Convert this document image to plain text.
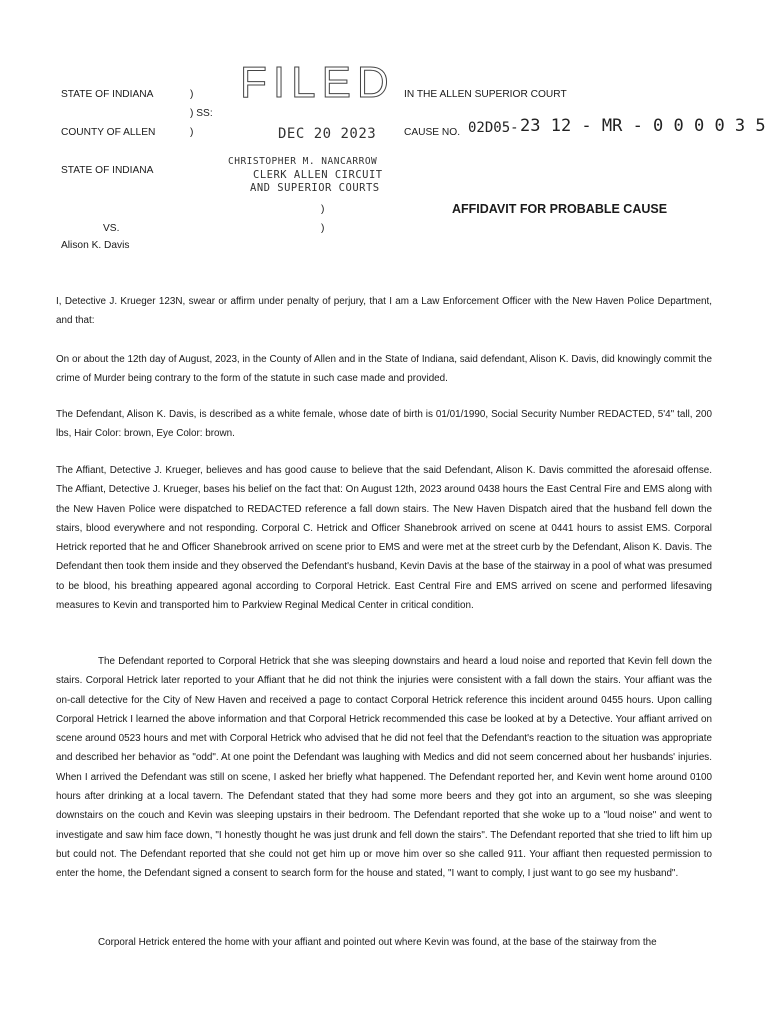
STATE OF INDIANA	)
) SS:
COUNTY OF ALLEN	)
STATE OF INDIANA
)
)
VS.
Alison K. Davis
IN THE ALLEN SUPERIOR COURT
CAUSE NO. 02D05- 23 12 - MR - 0 0 0 0 3 5
FILED
DEC 20 2023
CHRISTOPHER M. NANCARROW
CLERK ALLEN CIRCUIT
AND SUPERIOR COURTS
AFFIDAVIT FOR PROBABLE CAUSE
I, Detective J. Krueger 123N, swear or affirm under penalty of perjury, that I am a Law Enforcement Officer with the New Haven Police Department, and that:
On or about the 12th day of August, 2023, in the County of Allen and in the State of Indiana, said defendant, Alison K. Davis, did knowingly commit the crime of Murder being contrary to the form of the statute in such case made and provided.
The Defendant, Alison K. Davis, is described as a white female, whose date of birth is 01/01/1990, Social Security Number REDACTED, 5'4" tall, 200 lbs, Hair Color: brown, Eye Color: brown.
The Affiant, Detective J. Krueger, believes and has good cause to believe that the said Defendant, Alison K. Davis committed the aforesaid offense. The Affiant, Detective J. Krueger, bases his belief on the fact that: On August 12th, 2023 around 0438 hours the East Central Fire and EMS along with the New Haven Police were dispatched to REDACTED reference a fall down stairs. The New Haven Dispatch aired that the husband fell down the stairs, blood everywhere and not responding. Corporal C. Hetrick and Officer Shanebrook arrived on scene at 0441 hours to assist EMS. Corporal Hetrick reported that he and Officer Shanebrook arrived on scene prior to EMS and were met at the street curb by the Defendant, Alison K. Davis. The Defendant then took them inside and they observed the Defendant's husband, Kevin Davis at the base of the stairway in a pool of what was presumed to be blood, his breathing appeared agonal according to Corporal Hetrick. East Central Fire and EMS arrived on scene and performed lifesaving measures to Kevin and transported him to Parkview Reginal Medical Center in critical condition.
The Defendant reported to Corporal Hetrick that she was sleeping downstairs and heard a loud noise and reported that Kevin fell down the stairs. Corporal Hetrick later reported to your Affiant that he did not think the injuries were consistent with a fall down the stairs. Your affiant was the on-call detective for the City of New Haven and received a page to contact Corporal Hetrick reference this incident around 0455 hours. Upon calling Corporal Hetrick I learned the above information and that Corporal Hetrick recommended this case be looked at by a Detective. Your affiant arrived on scene around 0523 hours and met with Corporal Hetrick who advised that he did not feel that the Defendant's reaction to the situation was appropriate and described her behavior as "odd". At one point the Defendant was laughing with Medics and did not seem concerned about her husbands' injuries. When I arrived the Defendant was still on scene, I asked her briefly what happened. The Defendant reported her, and Kevin went home around 0100 hours after drinking at a local tavern. The Defendant stated that they had some more beers and they got into an argument, so she was sleeping downstairs on the couch and Kevin was sleeping upstairs in their bedroom. The Defendant reported that she woke up to a "loud noise" and went to investigate and saw him face down, "I honestly thought he was just drunk and fell down the stairs". The Defendant reported that she tried to lift him up but could not. The Defendant reported that she could not get him up or move him over so she called 911. Your affiant then requested permission to enter the home, the Defendant signed a consent to search form for the house and stated, "I want to comply, I just want to go see my husband".
Corporal Hetrick entered the home with your affiant and pointed out where Kevin was found, at the base of the stairway from the
